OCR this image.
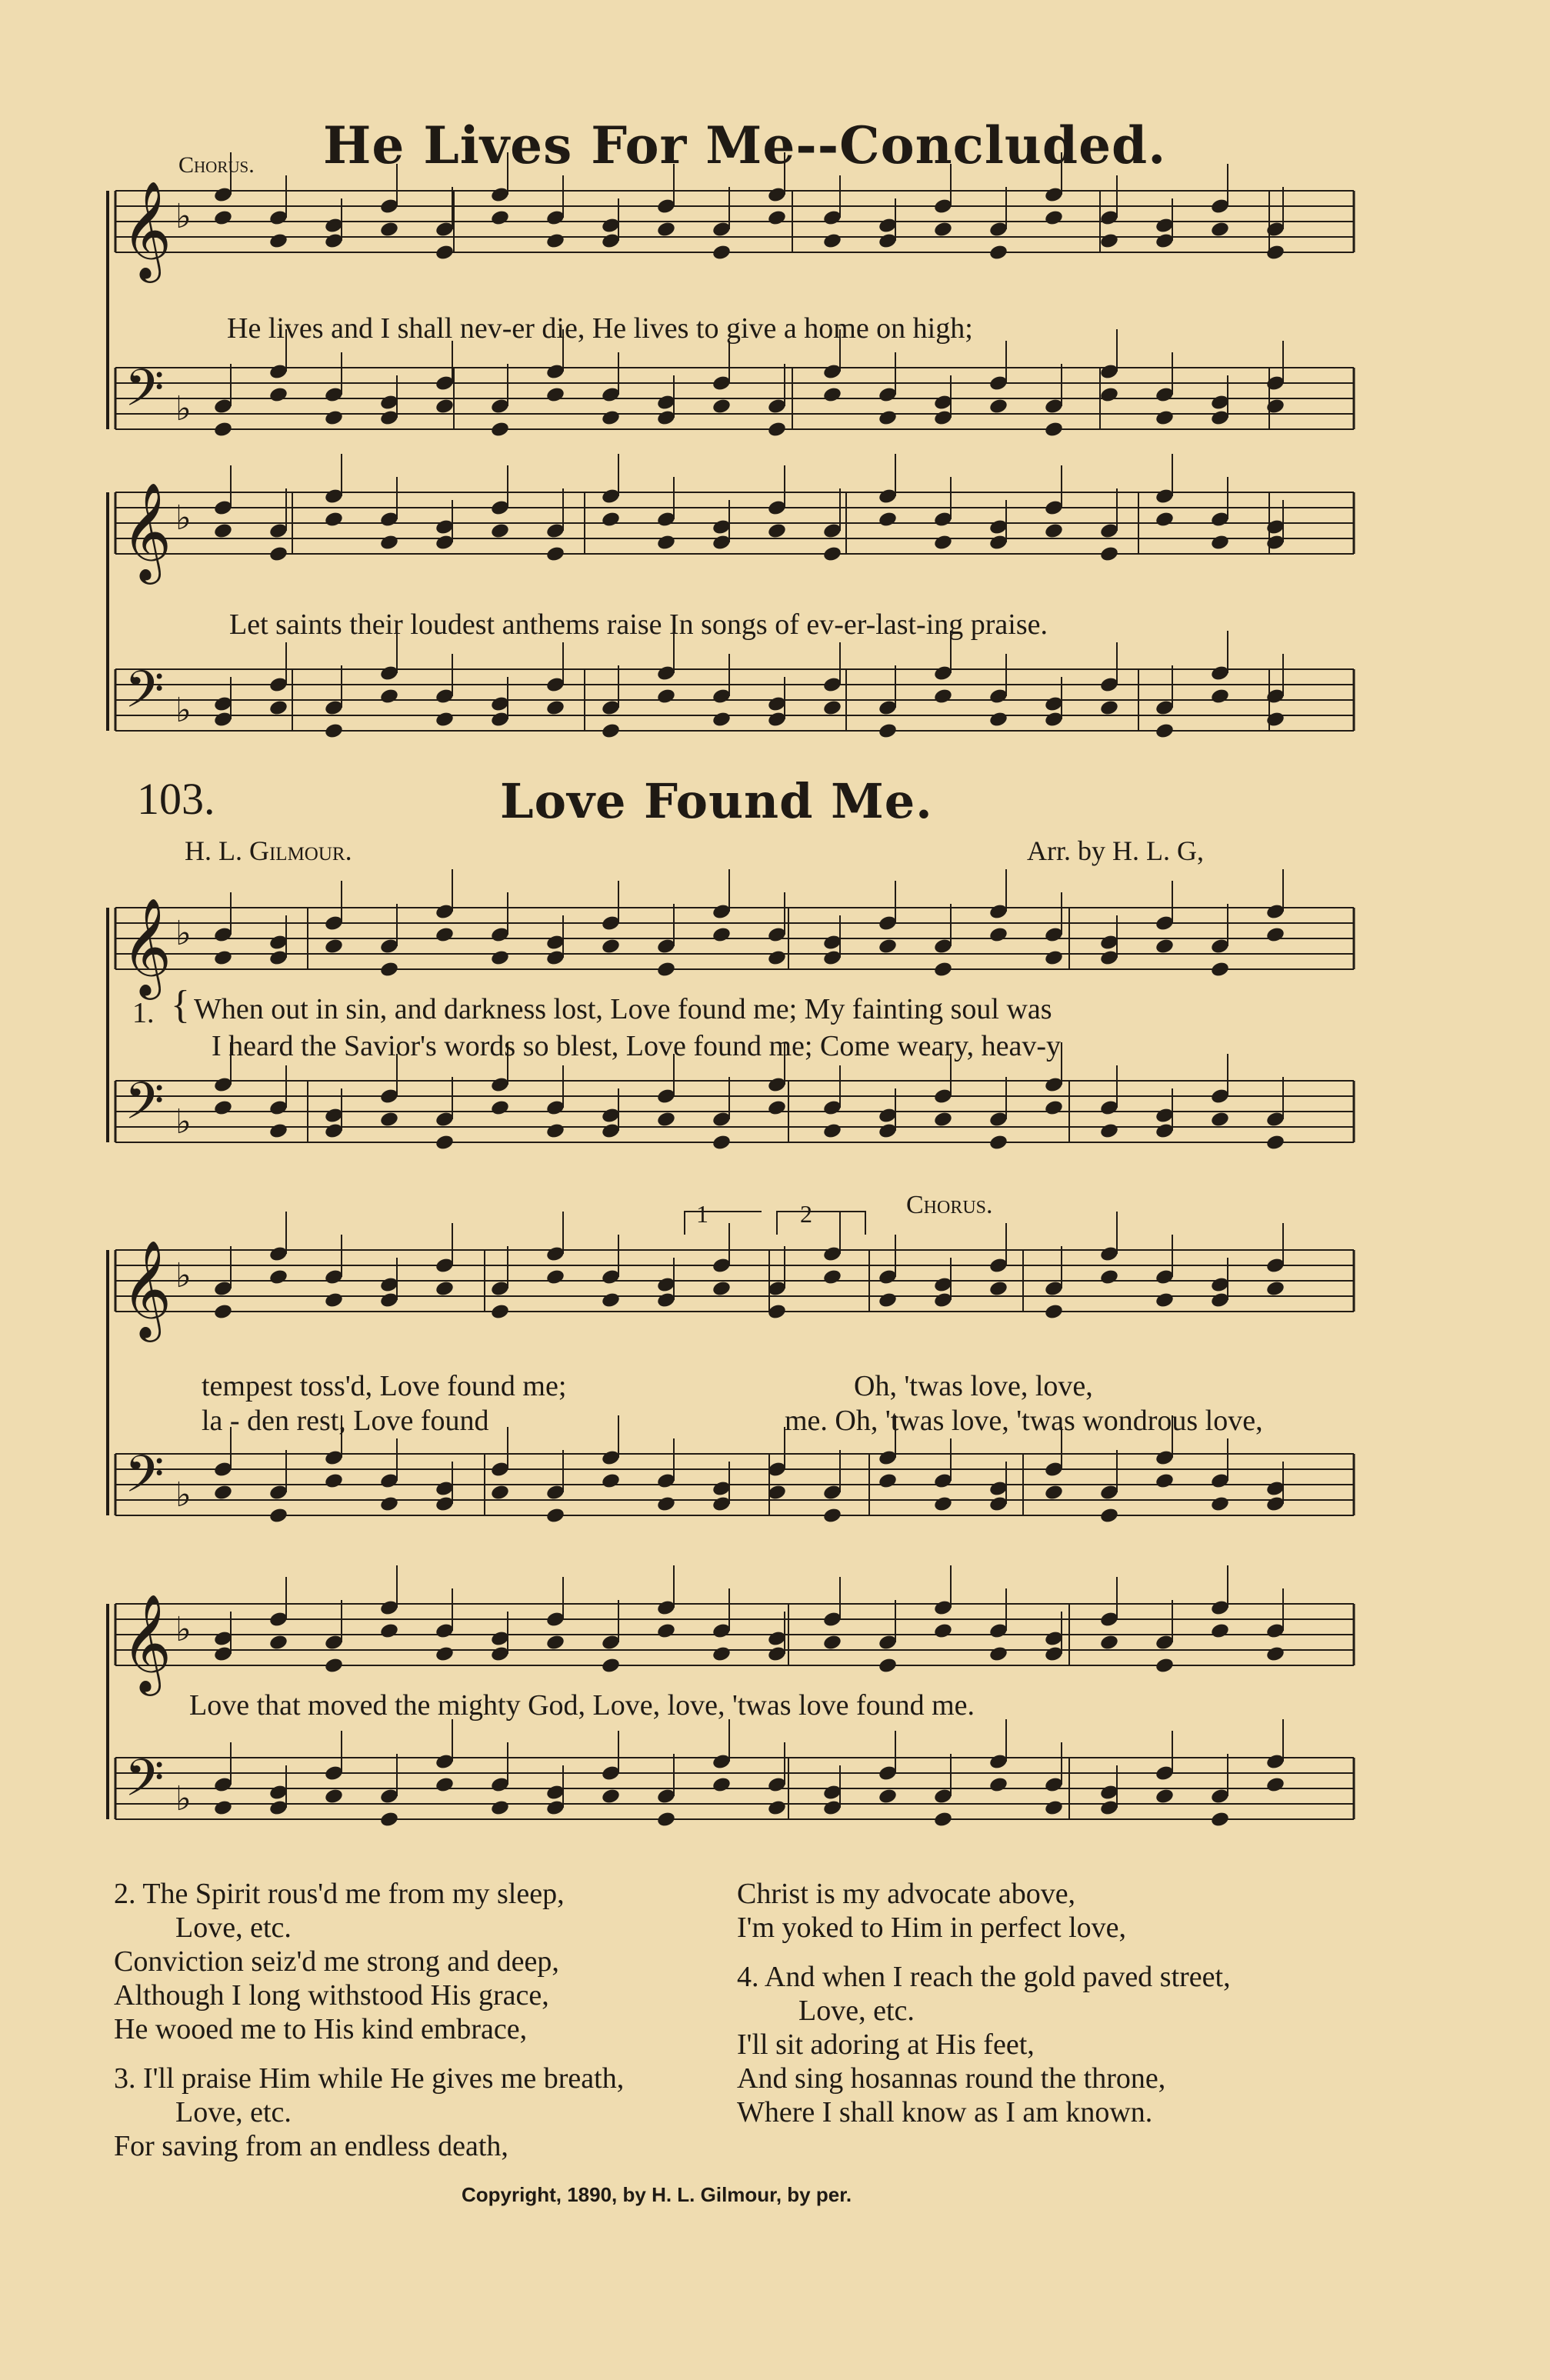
𝄞 ♭
𝄢 ♭
𝄞 ♭
𝄢 ♭
𝄞 ♭
𝄢 ♭
𝄞 ♭
𝄢 ♭
𝄞 ♭
𝄢 ♭
Chorus. He Lives For Me--Concluded.
He lives and I shall nev-er die, He lives to give a home on high;
Let saints their loudest anthems raise In songs of ev-er-last-ing praise.
103.	Love Found Me.
H. L. Gilmour.	Arr. by H. L. G,
1. { When out in sin, and darkness lost, Love found me; My fainting soul was
I heard the Savior's words so blest, Love found me; Come weary, heav-y
1	2	Chorus.
tempest toss'd, Love found me;
la - den rest, Love found
Oh, 'twas love, love,
me. Oh, 'twas love, 'twas wondrous love,
Love that moved the mighty God, Love, love, 'twas love found me.
2. The Spirit rous'd me from my sleep,
Love, etc.
Conviction seiz'd me strong and deep,
Although I long withstood His grace,
He wooed me to His kind embrace,
3. I'll praise Him while He gives me breath,
Love, etc.
For saving from an endless death,
Christ is my advocate above,
I'm yoked to Him in perfect love,
4. And when I reach the gold paved street,
Love, etc.
I'll sit adoring at His feet,
And sing hosannas round the throne,
Where I shall know as I am known.
Copyright, 1890, by H. L. Gilmour, by per.
